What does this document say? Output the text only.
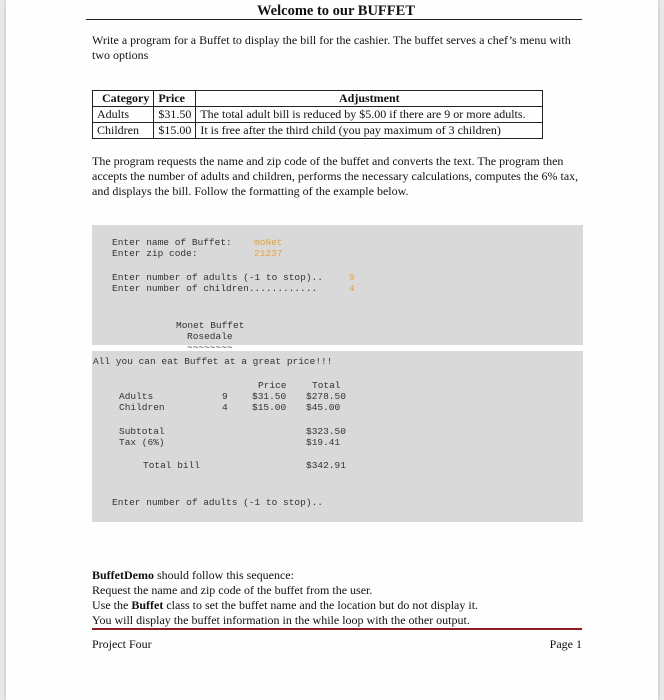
Welcome to our BUFFET
Write a program for a Buffet to display the bill for the cashier. The buffet serves a chef’s menu with two options
Category	Price	Adjustment
Adults	$31.50	The total adult bill is reduced by $5.00 if there are 9 or more adults.
Children	$15.00	It is free after the third child (you pay maximum of 3 children)
The program requests the name and zip code of the buffet and converts the text. The program then accepts the number of adults and children, performs the necessary calculations, computes the 6% tax, and displays the bill. Follow the formatting of the example below.
Enter name of Buffet: moNet
Enter zip code:	21237
Enter number of adults (-1 to stop)..	9
Enter number of children............	4
Monet Buffet
Rosedale
~~~~~~~~
All you can eat Buffet at a great price!!!
Price	Total
Adults	9	$31.50 $278.50
Children	4	$15.00 $45.00
Subtotal	$323.50
Tax (6%)	$19.41
Total bill	$342.91
Enter number of adults (-1 to stop)..
BuffetDemo should follow this sequence:
Request the name and zip code of the buffet from the user.
Use the Buffet class to set the buffet name and the location but do not display it.
You will display the buffet information in the while loop with the other output.
Project Four	Page 1
